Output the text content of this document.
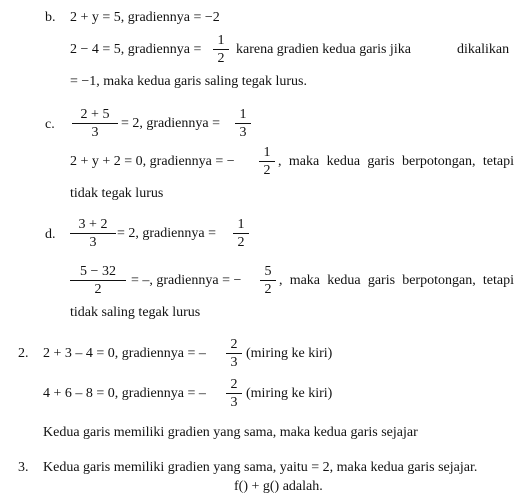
b. 2 + y = 5, gradiennya = −2
2 − 4 = 5, gradiennya =
1
2
karena gradien kedua garis jika	dikalikan
= −1, maka kedua garis saling tegak lurus.
c.
2 + 5
3
= 2, gradiennya =
1
3
2 + y + 2 = 0, gradiennya = −
1
2
, maka kedua garis berpotongan, tetapi
tidak tegak lurus
d.
3 + 2
3
= 2, gradiennya =
1
2
5 − 32
2
= –, gradiennya = −
5
2
, maka kedua garis berpotongan, tetapi
tidak saling tegak lurus
2. 2 + 3 – 4 = 0, gradiennya = –
2
3
(miring ke kiri)
4 + 6 – 8 = 0, gradiennya = –
2
3
(miring ke kiri)
Kedua garis memiliki gradien yang sama, maka kedua garis sejajar
3. Kedua garis memiliki gradien yang sama, yaitu = 2, maka kedua garis sejajar.
f() + g() adalah.
